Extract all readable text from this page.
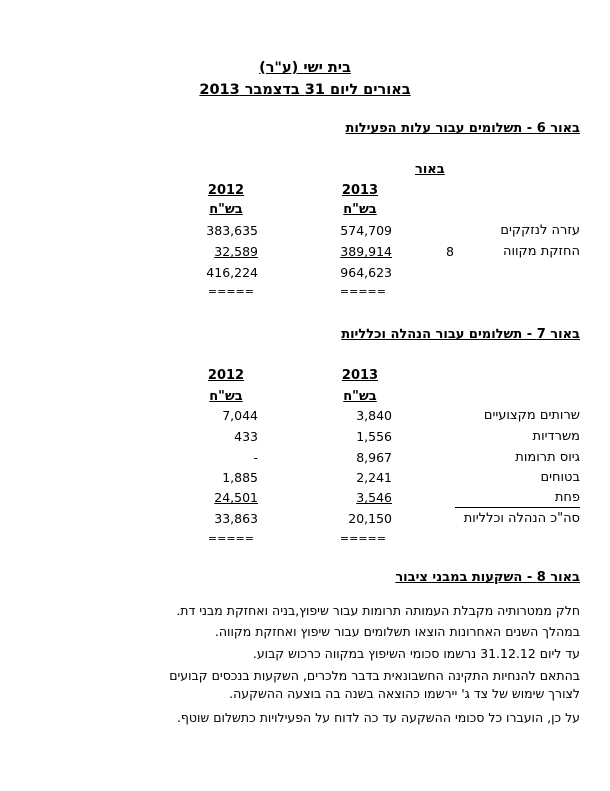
בית ישי (ע"ר)
באורים ליום 31 בדצמבר 2013
באור 6 - תשלומים עבור עלות הפעילות
באור
2013
2012
בש"ח
בש"ח
עזרה לנזקקים
574,709
383,635
החזקת מקווה
8
389,914
32,589
964,623
416,224
=====
=====
באור 7 - תשלומים עבור הנהלה וכלליות
2013
2012
בש"ח
בש"ח
שרותים מקצועיים
3,840
7,044
משרדיות
1,556
433
גיוס תרומות
8,967
-
בטוחים
2,241
1,885
פחת
3,546
24,501
סה"כ הנהלה וכלליות
20,150
33,863
=====
=====
באור 8 - השקעות במבני ציבור
חלק ממטרותיה מקבלת העמותה תרומות עבור שיפוץ,בניה ואחזקת מבני דת.
במהלך השנים האחרונות הוצאו תשלומים עבור שיפוץ ואחזקת מקווה.
עד ליום 31.12.12 נרשמו סכומי השיפוץ במקווה כרכוש קבוע.
בהתאם להנחיות התקינה החשבונאית בדבר מלכרים, השקעות בנכסים קבועים
לצורך שימוש של צד ג' יירשמו כהוצאה בשנה בה בוצעה ההשקעה.
על כן, הועברו כל סכומי ההשקעה עד כה לדוח על הפעילויות כתשלום שוטף.
